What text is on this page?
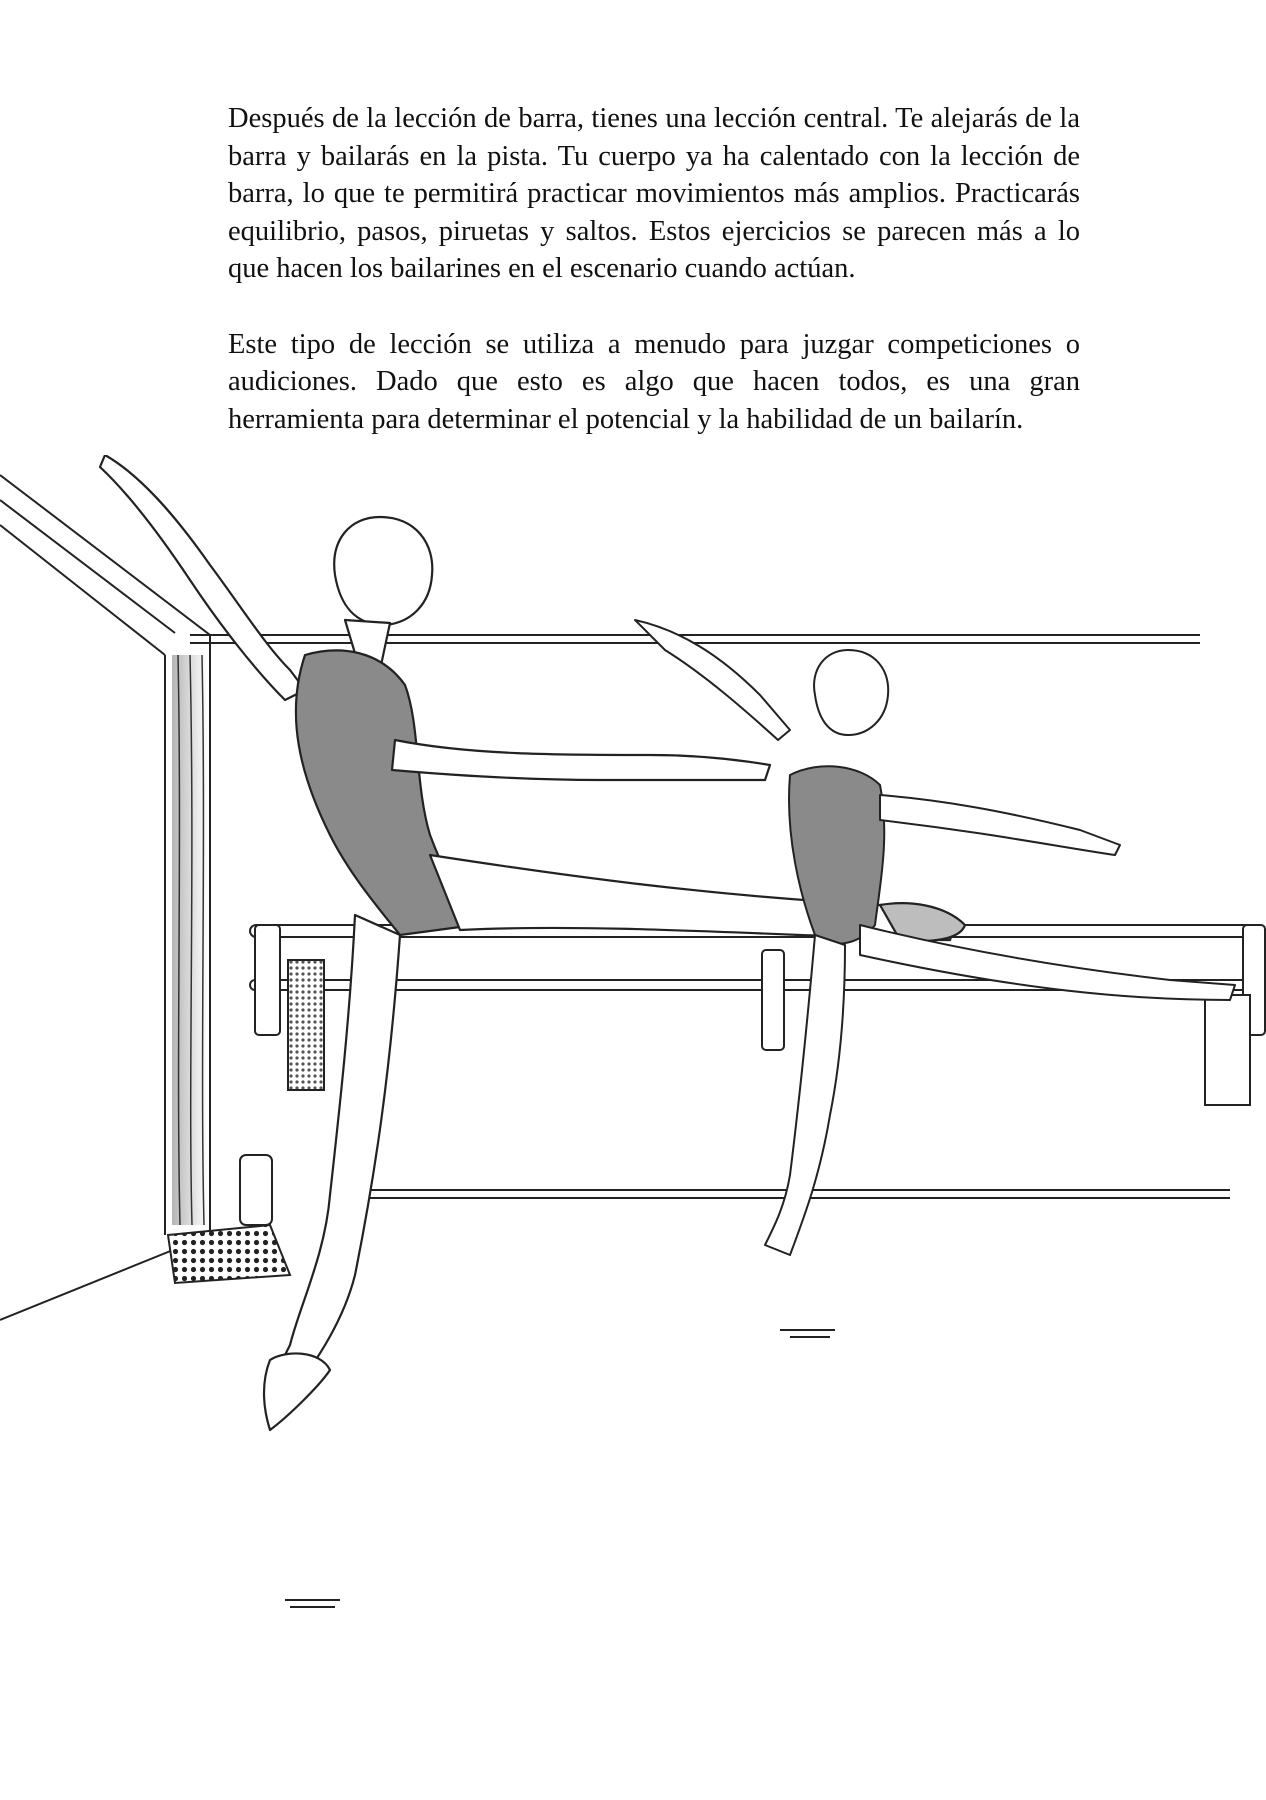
Después de la lección de barra, tienes una lección central. Te alejarás de la barra y bailarás en la pista. Tu cuerpo ya ha calentado con la lección de barra, lo que te permitirá practicar movimientos más amplios. Practicarás equilibrio, pasos, piruetas y saltos. Estos ejercicios se parecen más a lo que hacen los bailarines en el escenario cuando actúan.

Este tipo de lección se utiliza a menudo para juzgar competiciones o audiciones. Dado que esto es algo que hacen todos, es una gran herramienta para determinar el potencial y la habilidad de un bailarín.
